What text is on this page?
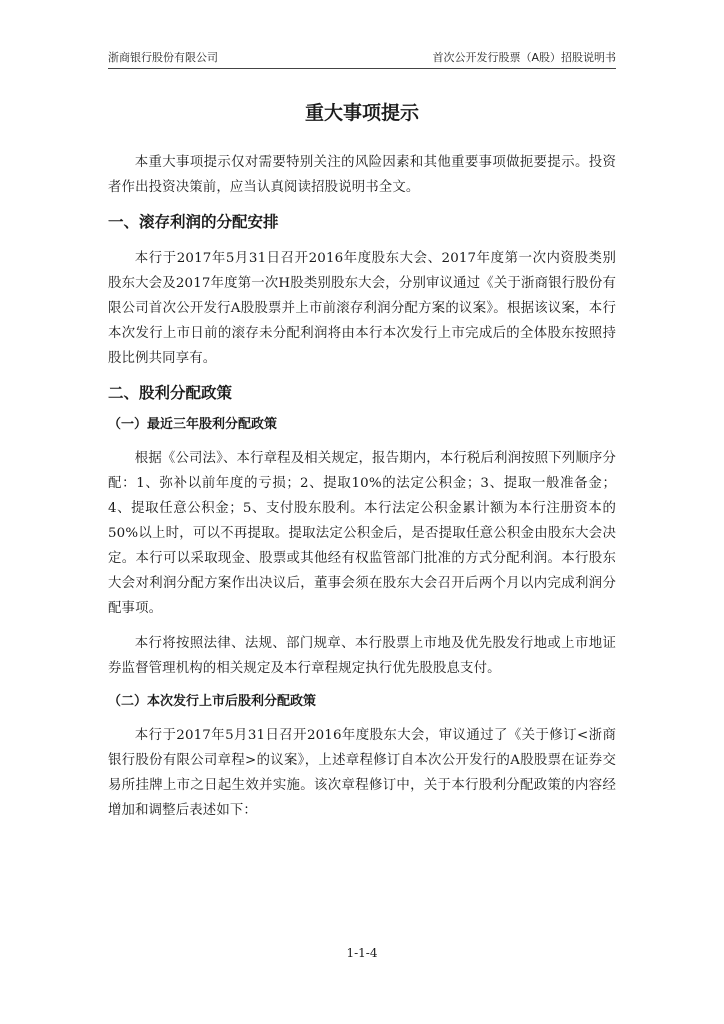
浙商银行股份有限公司	首次公开发行股票（A股）招股说明书
重大事项提示

本重大事项提示仅对需要特别关注的风险因素和其他重要事项做扼要提示。投资者作出投资决策前，应当认真阅读招股说明书全文。

一、滚存利润的分配安排

本行于2017年5月31日召开2016年度股东大会、2017年度第一次内资股类别股东大会及2017年度第一次H股类别股东大会，分别审议通过《关于浙商银行股份有限公司首次公开发行A股股票并上市前滚存利润分配方案的议案》。根据该议案，本行本次发行上市日前的滚存未分配利润将由本行本次发行上市完成后的全体股东按照持股比例共同享有。

二、股利分配政策
（一）最近三年股利分配政策

根据《公司法》、本行章程及相关规定，报告期内，本行税后利润按照下列顺序分配：1、弥补以前年度的亏损；2、提取10%的法定公积金；3、提取一般准备金；4、提取任意公积金；5、支付股东股利。本行法定公积金累计额为本行注册资本的50%以上时，可以不再提取。提取法定公积金后，是否提取任意公积金由股东大会决定。本行可以采取现金、股票或其他经有权监管部门批准的方式分配利润。本行股东大会对利润分配方案作出决议后，董事会须在股东大会召开后两个月以内完成利润分配事项。

本行将按照法律、法规、部门规章、本行股票上市地及优先股发行地或上市地证券监督管理机构的相关规定及本行章程规定执行优先股股息支付。

（二）本次发行上市后股利分配政策

本行于2017年5月31日召开2016年度股东大会，审议通过了《关于修订<浙商银行股份有限公司章程>的议案》，上述章程修订自本次公开发行的A股股票在证券交易所挂牌上市之日起生效并实施。该次章程修订中，关于本行股利分配政策的内容经增加和调整后表述如下：

1-1-4
